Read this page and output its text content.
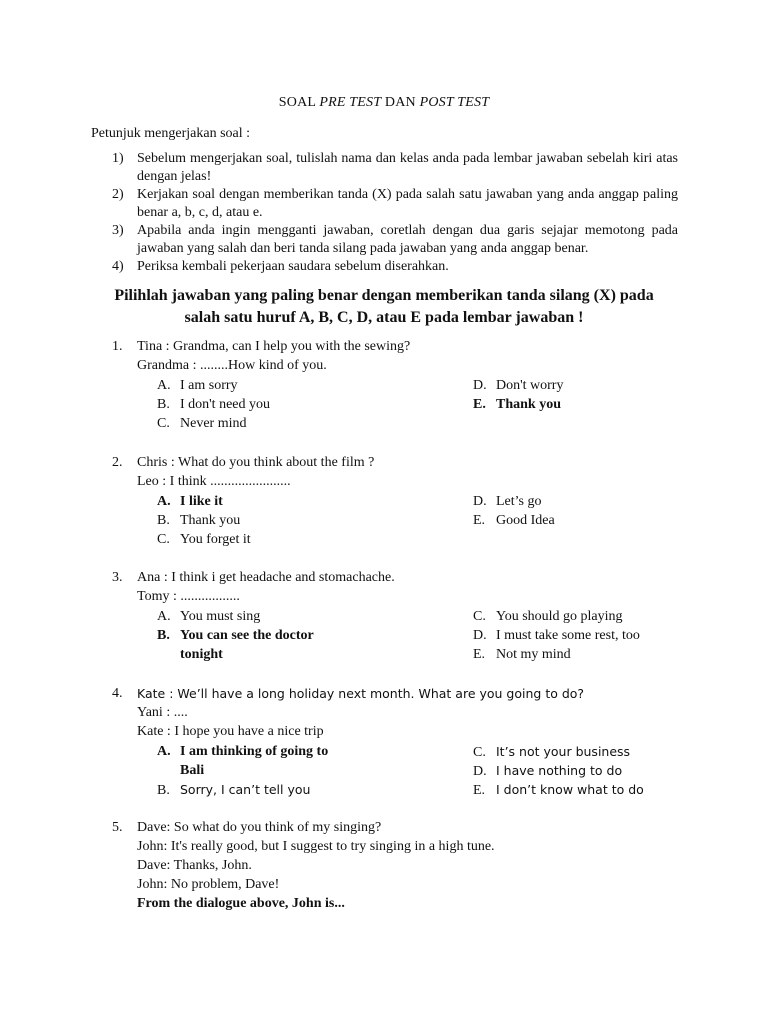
SOAL PRE TEST DAN POST TEST
Petunjuk mengerjakan soal :
1) Sebelum mengerjakan soal, tulislah nama dan kelas anda pada lembar jawaban sebelah kiri atas dengan jelas!
2) Kerjakan soal dengan memberikan tanda (X) pada salah satu jawaban yang anda anggap paling benar a, b, c, d, atau e.
3) Apabila anda ingin mengganti jawaban, coretlah dengan dua garis sejajar memotong pada jawaban yang salah dan beri tanda silang pada jawaban yang anda anggap benar.
4) Periksa kembali pekerjaan saudara sebelum diserahkan.
Pilihlah jawaban yang paling benar dengan memberikan tanda silang (X) pada
salah satu huruf A, B, C, D, atau E pada lembar jawaban !
1.	Tina : Grandma, can I help you with the sewing?
Grandma : ........How kind of you.
A. I am sorry
B. I don't need you
C. Never mind
D. Don't worry
E. Thank you
2.	Chris : What do you think about the film ?
Leo : I think .......................
A. I like it
B. Thank you
C. You forget it
D. Let’s go
E. Good Idea
3.	Ana : I think i get headache and stomachache.
Tomy : .................
A. You must sing
B. You can see the doctor
tonight
C. You should go playing
D. I must take some rest, too
E. Not my mind
4.	Kate : We’ll have a long holiday next month. What are you going to do?
Yani : ....
Kate : I hope you have a nice trip
A. I am thinking of going to
Bali
B. Sorry, I can’t tell you
C. It’s not your business
D. I have nothing to do
E. I don’t know what to do
5.	Dave: So what do you think of my singing?
John: It's really good, but I suggest to try singing in a high tune.
Dave: Thanks, John.
John: No problem, Dave!
From the dialogue above, John is...
